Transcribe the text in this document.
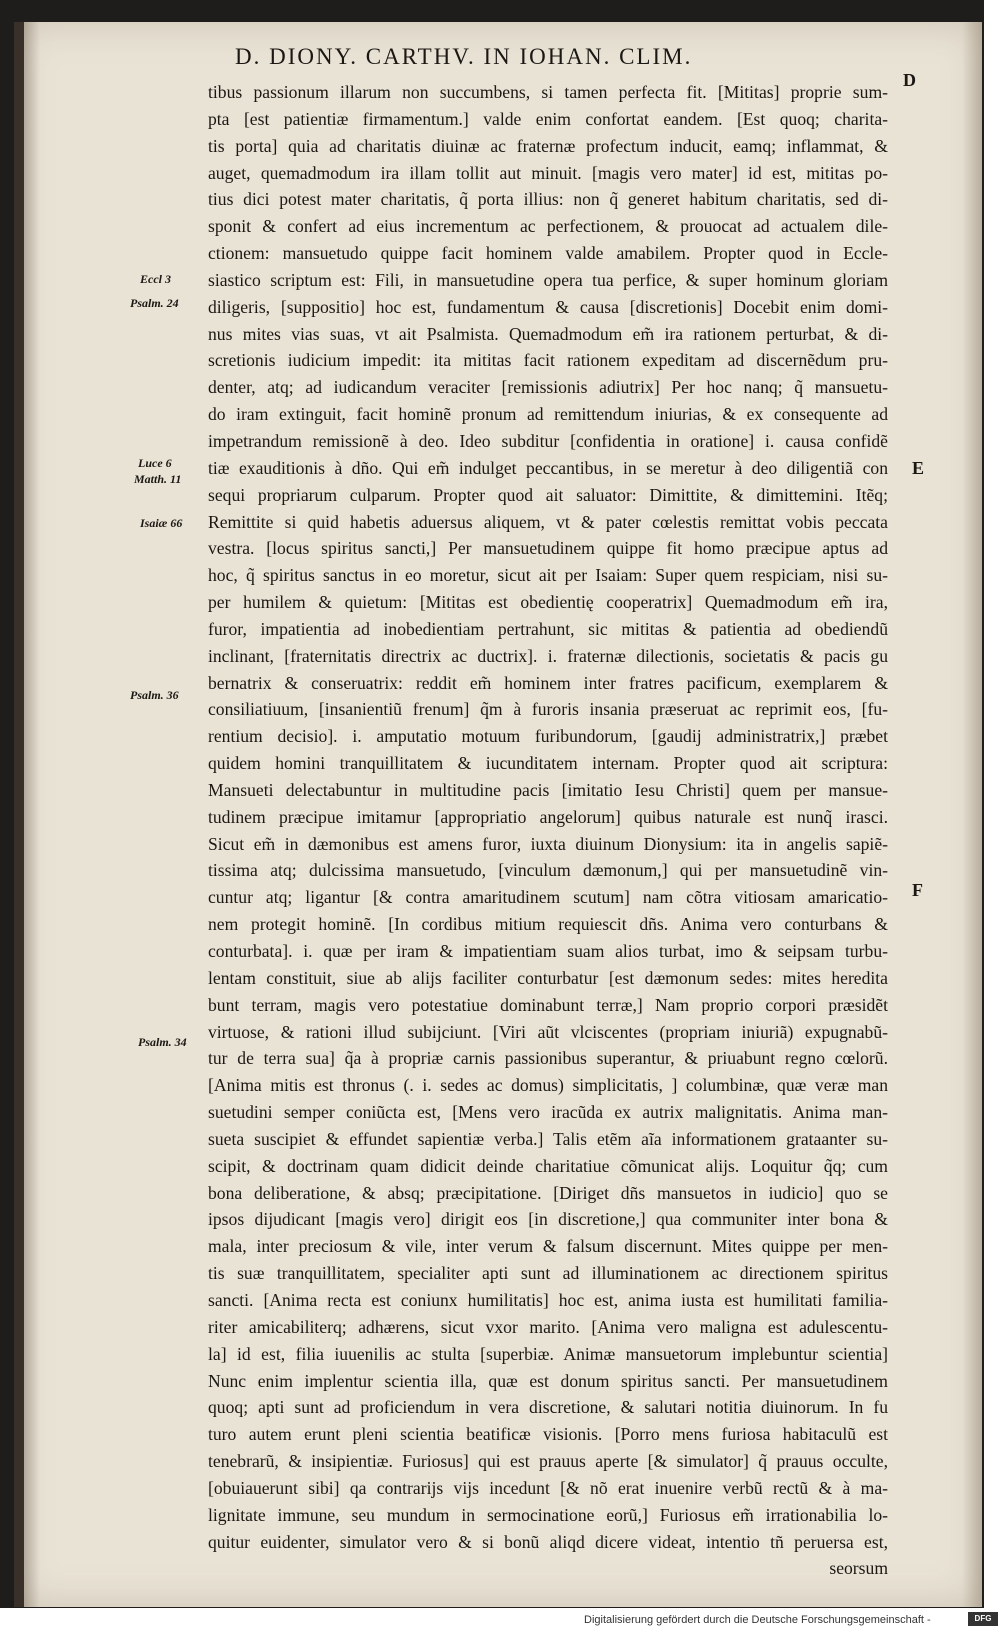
D. DIONY. CARTHV. IN IOHAN. CLIM.
D
E
F
Eccl 3
Psalm. 24
Luce 6
Matth. 11
Isaiæ 66
Psalm. 36
Psalm. 34
tibus passionum illarum non succumbens, si tamen perfecta fit. [Mititas] proprie sum-
pta [est patientiæ firmamentum.] valde enim confortat eandem. [Est quoq; charita-
tis porta] quia ad charitatis diuinæ ac fraternæ profectum inducit, eamq; inflammat, &
auget, quemadmodum ira illam tollit aut minuit. [magis vero mater] id est, mititas po-
tius dici potest mater charitatis, q̃ porta illius: non q̃ generet habitum charitatis, sed di-
sponit & confert ad eius incrementum ac perfectionem, & prouocat ad actualem dile-
ctionem: mansuetudo quippe facit hominem valde amabilem. Propter quod in Eccle-
siastico scriptum est: Fili, in mansuetudine opera tua perfice, & super hominum gloriam
diligeris, [suppositio] hoc est, fundamentum & causa [discretionis] Docebit enim domi-
nus mites vias suas, vt ait Psalmista. Quemadmodum em̃ ira rationem perturbat, & di-
scretionis iudicium impedit: ita mititas facit rationem expeditam ad discernẽdum pru-
denter, atq; ad iudicandum veraciter [remissionis adiutrix] Per hoc nanq; q̃ mansuetu-
do iram extinguit, facit hominẽ pronum ad remittendum iniurias, & ex consequente ad
impetrandum remissionẽ à deo. Ideo subditur [confidentia in oratione] i. causa confidẽ
tiæ exauditionis à dño. Qui em̃ indulget peccantibus, in se meretur à deo diligentiã con
sequi propriarum culparum. Propter quod ait saluator: Dimittite, & dimittemini. Itẽq;
Remittite si quid habetis aduersus aliquem, vt & pater cœlestis remittat vobis peccata
vestra. [locus spiritus sancti,] Per mansuetudinem quippe fit homo præcipue aptus ad
hoc, q̃ spiritus sanctus in eo moretur, sicut ait per Isaiam: Super quem respiciam, nisi su-
per humilem & quietum: [Mititas est obedientię cooperatrix] Quemadmodum em̃ ira,
furor, impatientia ad inobedientiam pertrahunt, sic mititas & patientia ad obediendũ
inclinant, [fraternitatis directrix ac ductrix]. i. fraternæ dilectionis, societatis & pacis gu
bernatrix & conseruatrix: reddit em̃ hominem inter fratres pacificum, exemplarem &
consiliatiuum, [insanientiũ frenum] q̃m à furoris insania præseruat ac reprimit eos, [fu-
rentium decisio]. i. amputatio motuum furibundorum, [gaudij administratrix,] præbet
quidem homini tranquillitatem & iucunditatem internam. Propter quod ait scriptura:
Mansueti delectabuntur in multitudine pacis [imitatio Iesu Christi] quem per mansue-
tudinem præcipue imitamur [appropriatio angelorum] quibus naturale est nunq̃ irasci.
Sicut em̃ in dæmonibus est amens furor, iuxta diuinum Dionysium: ita in angelis sapiẽ-
tissima atq; dulcissima mansuetudo, [vinculum dæmonum,] qui per mansuetudinẽ vin-
cuntur atq; ligantur [& contra amaritudinem scutum] nam cõtra vitiosam amaricatio-
nem protegit hominẽ. [In cordibus mitium requiescit dñs. Anima vero conturbans &
conturbata]. i. quæ per iram & impatientiam suam alios turbat, imo & seipsam turbu-
lentam constituit, siue ab alijs faciliter conturbatur [est dæmonum sedes: mites heredita
bunt terram, magis vero potestatiue dominabunt terræ,] Nam proprio corpori præsidẽt
virtuose, & rationi illud subijciunt. [Viri aũt vlciscentes (propriam iniuriã) expugnabũ-
tur de terra sua] q̃a à propriæ carnis passionibus superantur, & priuabunt regno cœlorũ.
[Anima mitis est thronus (. i. sedes ac domus) simplicitatis, ] columbinæ, quæ veræ man
suetudini semper coniũcta est, [Mens vero iracũda ex autrix malignitatis. Anima man-
sueta suscipiet & effundet sapientiæ verba.] Talis etẽm aĩa informationem grataanter su-
scipit, & doctrinam quam didicit deinde charitatiue cõmunicat alijs. Loquitur q̃q; cum
bona deliberatione, & absq; præcipitatione. [Diriget dñs mansuetos in iudicio] quo se
ipsos dijudicant [magis vero] dirigit eos [in discretione,] qua communiter inter bona &
mala, inter preciosum & vile, inter verum & falsum discernunt. Mites quippe per men-
tis suæ tranquillitatem, specialiter apti sunt ad illuminationem ac directionem spiritus
sancti. [Anima recta est coniunx humilitatis] hoc est, anima iusta est humilitati familia-
riter amicabiliterq; adhærens, sicut vxor marito. [Anima vero maligna est adulescentu-
la] id est, filia iuuenilis ac stulta [superbiæ. Animæ mansuetorum implebuntur scientia]
Nunc enim implentur scientia illa, quæ est donum spiritus sancti. Per mansuetudinem
quoq; apti sunt ad proficiendum in vera discretione, & salutari notitia diuinorum. In fu
turo autem erunt pleni scientia beatificæ visionis. [Porro mens furiosa habitaculũ est
tenebrarũ, & insipientiæ. Furiosus] qui est prauus aperte [& simulator] q̃ prauus occulte,
[obuiauerunt sibi] qa contrarijs vijs incedunt [& nõ erat inuenire verbũ rectũ & à ma-
lignitate immune, seu mundum in sermocinatione eorũ,] Furiosus em̃ irrationabilia lo-
quitur euidenter, simulator vero & si bonũ aliqd dicere videat, intentio tñ peruersa est,
seorsum
Digitalisierung gefördert durch die Deutsche Forschungsgemeinschaft -	DFG
